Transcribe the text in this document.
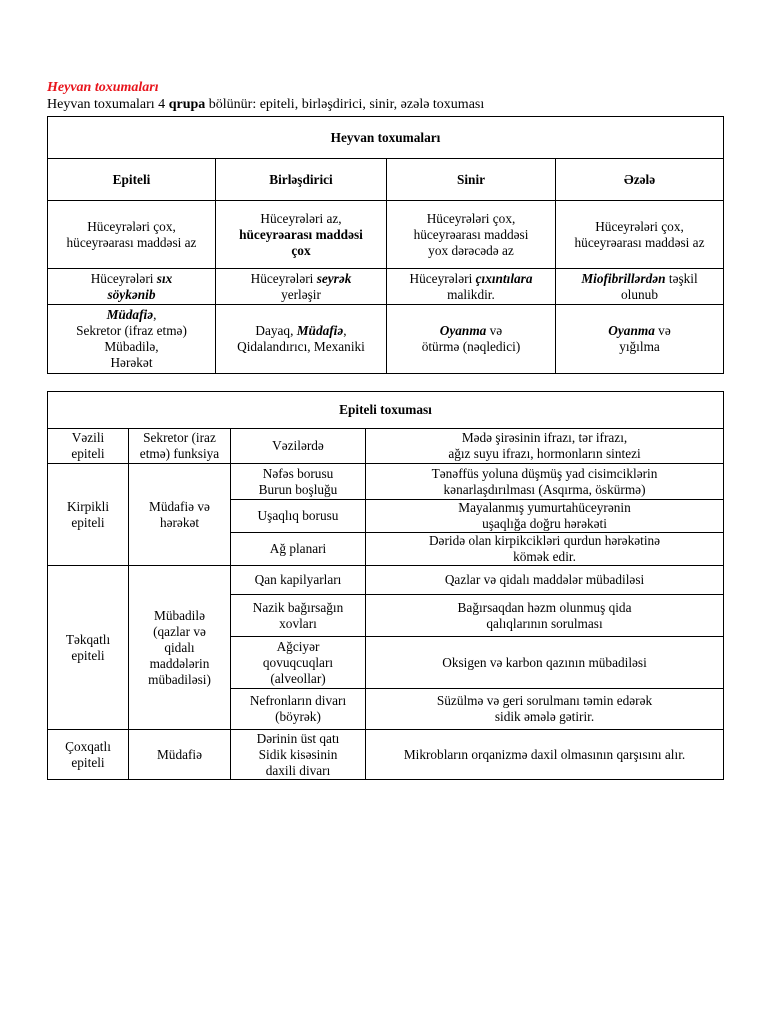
Heyvan toxumaları
Heyvan toxumaları 4 qrupa bölünür: epiteli, birləşdirici, sinir, əzələ toxuması
Heyvan toxumaları			
Epiteli	Birləşdirici	Sinir	Əzələ

Hüceyrələri çox,
hüceyrəarası maddəsi az	Hüceyrələri az,
hüceyrəarası maddəsi
çox	Hüceyrələri çox,
hüceyrəarası maddəsi
yox dərəcədə az	Hüceyrələri çox,
hüceyrəarası maddəsi az

Hüceyrələri sıx
söykənib	Hüceyrələri seyrək
yerləşir	Hüceyrələri çıxıntılara
malikdir.	Miofibrillərdən təşkil
olunub

Müdafiə,
Sekretor (ifraz etmə)
Mübadilə,
Hərəkət	Dayaq, Müdafiə,
Qidalandırıcı, Mexaniki	Oyanma və
ötürmə (nəqledici)	Oyanma və
yığılma
Epiteli toxuması			

Vəzili
epiteli	Sekretor (iraz
etmə) funksiya	Vəzilərdə	Mədə şirəsinin ifrazı, tər ifrazı,
ağız suyu ifrazı, hormonların sintezi

Kirpikli
epiteli	Müdafiə və
hərəkət	Nəfəs borusu
Burun boşluğu	Tənəffüs yoluna düşmüş yad cisimciklərin
kənarlaşdırılması (Asqırma, öskürmə)

		Uşaqlıq borusu	Mayalanmış yumurtahüceyrənin
uşaqlığa doğru hərəkəti

		Ağ planari	Dəridə olan kirpikcikləri qurdun hərəkətinə
kömək edir.

Təkqatlı
epiteli	Mübadilə
(qazlar və
qidalı
maddələrin
mübadiləsi)	Qan kapilyarları	Qazlar və qidalı maddələr mübadiləsi

		Nazik bağırsağın
xovları	Bağırsaqdan həzm olunmuş qida
qalıqlarının sorulması

		Ağciyər
qovuqcuqları
(alveollar)	Oksigen və karbon qazının mübadiləsi

		Nefronların divarı
(böyrək)	Süzülmə və geri sorulmanı təmin edərək
sidik əmələ gətirir.

Çoxqatlı
epiteli	Müdafiə	Dərinin üst qatı
Sidik kisəsinin
daxili divarı	Mikrobların orqanizmə daxil olmasının qarşısını alır.
